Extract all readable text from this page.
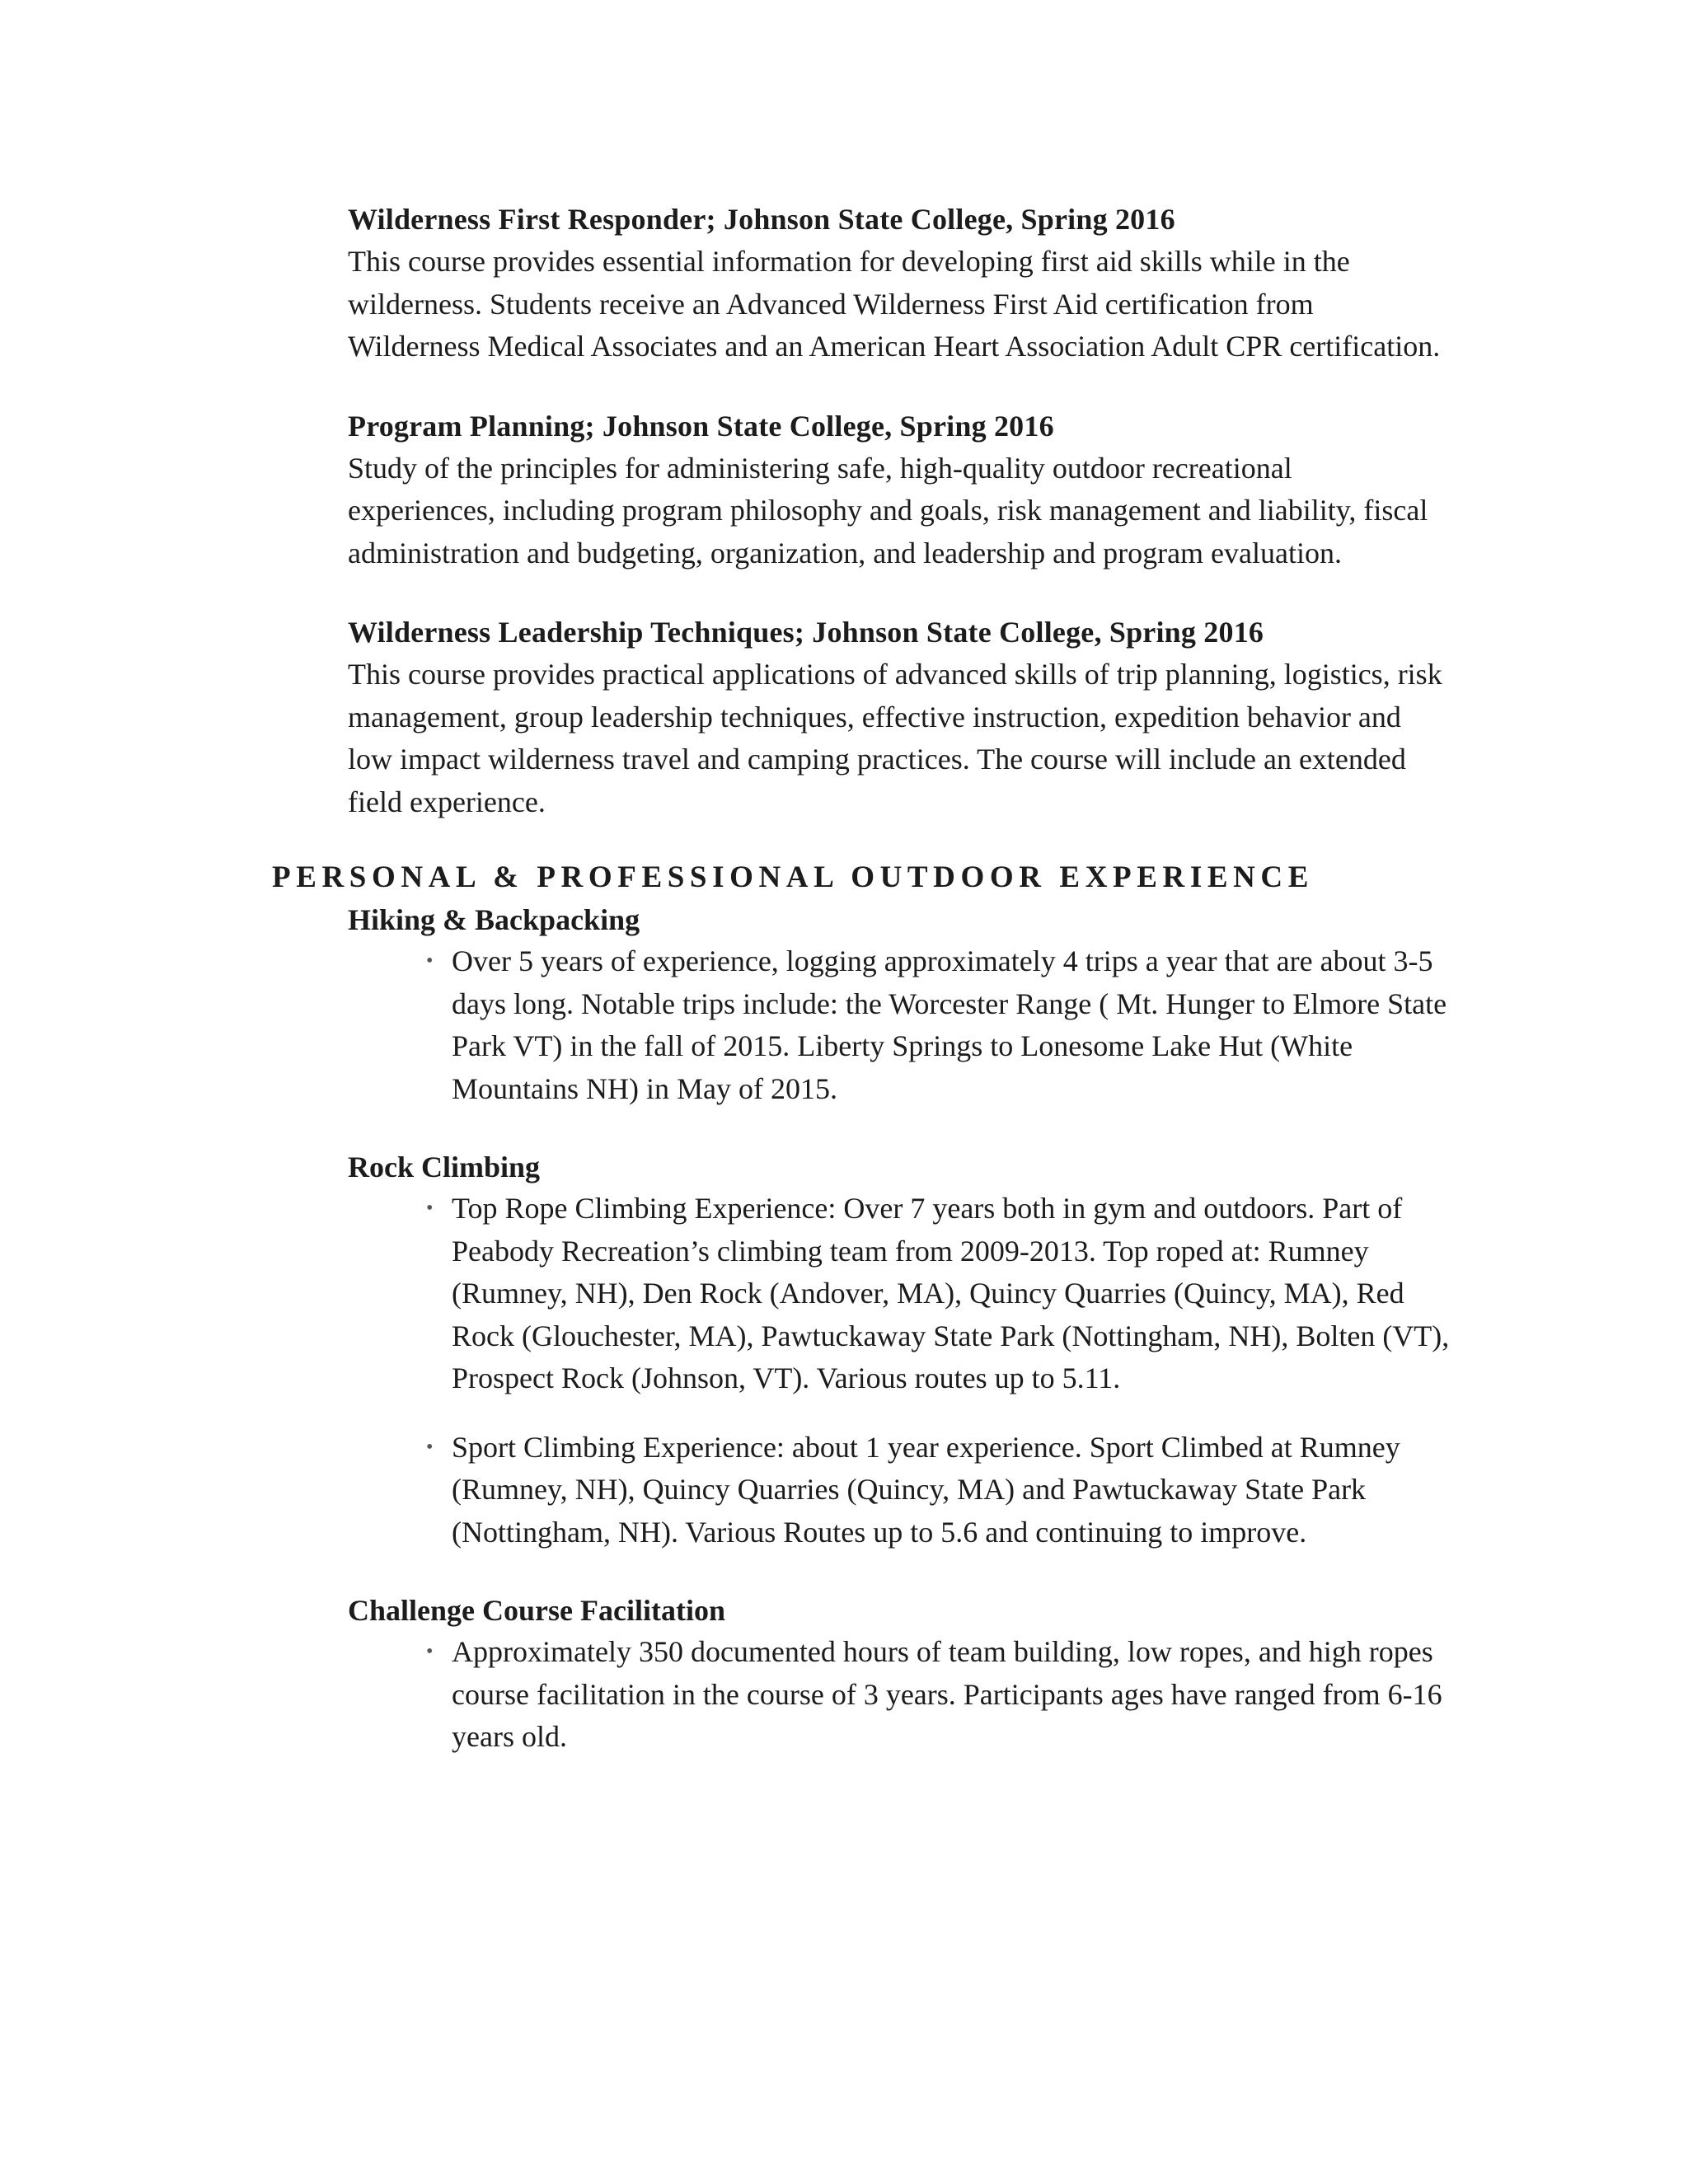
Wilderness First Responder; Johnson State College, Spring 2016
This course provides essential information for developing first aid skills while in the wilderness. Students receive an Advanced Wilderness First Aid certification from Wilderness Medical Associates and an American Heart Association Adult CPR certification.
Program Planning; Johnson State College, Spring 2016
Study of the principles for administering safe, high-quality outdoor recreational experiences, including program philosophy and goals, risk management and liability, fiscal administration and budgeting, organization, and leadership and program evaluation.
Wilderness Leadership Techniques; Johnson State College, Spring 2016
This course provides practical applications of advanced skills of trip planning, logistics, risk management, group leadership techniques, effective instruction, expedition behavior and low impact wilderness travel and camping practices. The course will include an extended field experience.
PERSONAL & PROFESSIONAL OUTDOOR EXPERIENCE
Hiking & Backpacking
• Over 5 years of experience, logging approximately 4 trips a year that are about 3-5 days long. Notable trips include: the Worcester Range ( Mt. Hunger to Elmore State Park VT) in the fall of 2015. Liberty Springs to Lonesome Lake Hut (White Mountains NH) in May of 2015.
Rock Climbing
• Top Rope Climbing Experience: Over 7 years both in gym and outdoors. Part of Peabody Recreation’s climbing team from 2009-2013. Top roped at: Rumney (Rumney, NH), Den Rock (Andover, MA), Quincy Quarries (Quincy, MA), Red Rock (Glouchester, MA), Pawtuckaway State Park (Nottingham, NH), Bolten (VT), Prospect Rock (Johnson, VT). Various routes up to 5.11.
• Sport Climbing Experience: about 1 year experience. Sport Climbed at Rumney (Rumney, NH), Quincy Quarries (Quincy, MA) and Pawtuckaway State Park (Nottingham, NH). Various Routes up to 5.6 and continuing to improve.
Challenge Course Facilitation
• Approximately 350 documented hours of team building, low ropes, and high ropes course facilitation in the course of 3 years. Participants ages have ranged from 6-16 years old.
